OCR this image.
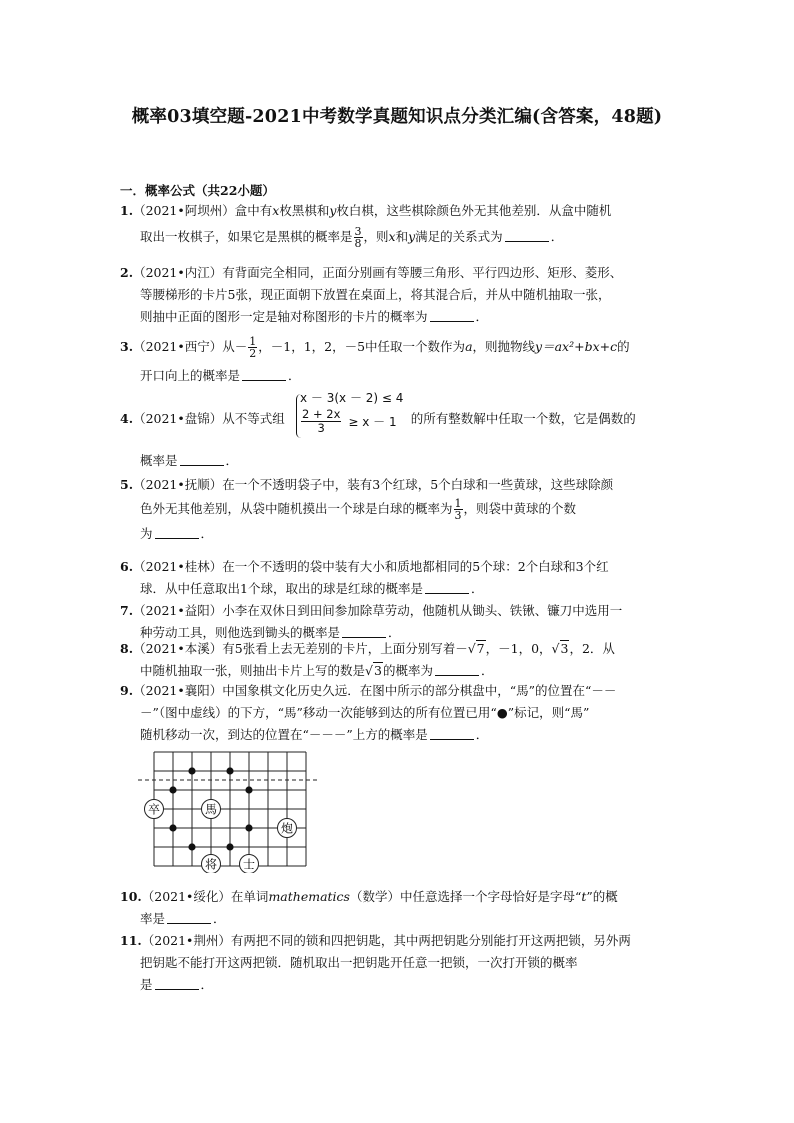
概率03填空题-2021中考数学真题知识点分类汇编(含答案，48题)
一．概率公式（共22小题）
1.（2021•阿坝州）盒中有x枚黑棋和y枚白棋，这些棋除颜色外无其他差别．从盒中随机
取出一枚棋子，如果它是黑棋的概率是 $\frac{3}{8}$ ，则x和y满足的关系式为	．
2.（2021•内江）有背面完全相同，正面分别画有等腰三角形、平行四边形、矩形、菱形、
等腰梯形的卡片5张，现正面朝下放置在桌面上，将其混合后，并从中随机抽取一张，
则抽中正面的图形一定是轴对称图形的卡片的概率为	．
3.（2021•西宁）从－ $\frac{1}{2}$ ，－1，1，2，－5中任取一个数作为a，则抛物线y＝ax²+bx+c的
开口向上的概率是	．
4.（2021•盘锦）从不等式组	的所有整数解中任取一个数，它是偶数的
概率是	．
x － 3(x － 2) ≤ 4
$\frac{2 + 2x}{3} \ge x - 1$
5.（2021•抚顺）在一个不透明袋子中，装有3个红球，5个白球和一些黄球，这些球除颜
色外无其他差别，从袋中随机摸出一个球是白球的概率为 $\frac{1}{3}$ ，则袋中黄球的个数
为	．
6.（2021•桂林）在一个不透明的袋中装有大小和质地都相同的5个球：2个白球和3个红
球．从中任意取出1个球，取出的球是红球的概率是	．
7.（2021•益阳）小李在双休日到田间参加除草劳动，他随机从锄头、铁锹、镰刀中选用一
种劳动工具，则他选到锄头的概率是	．
8.（2021•本溪）有5张看上去无差别的卡片，上面分别写着－√7，－1，0，√3，2．从
中随机抽取一张，则抽出卡片上写的数是√3的概率为	．
9.（2021•襄阳）中国象棋文化历史久远．在图中所示的部分棋盘中，“馬”的位置在“－－
－”（图中虚线）的下方，“馬”移动一次能够到达的所有位置已用“●”标记，则“馬”
随机移动一次，到达的位置在“－－－”上方的概率是	．
卒	馬
炮
将 士
10.（2021•绥化）在单词mathematics（数学）中任意选择一个字母恰好是字母“t”的概
率是	．
11.（2021•荆州）有两把不同的锁和四把钥匙，其中两把钥匙分别能打开这两把锁，另外两
把钥匙不能打开这两把锁．随机取出一把钥匙开任意一把锁，一次打开锁的概率
是	．
